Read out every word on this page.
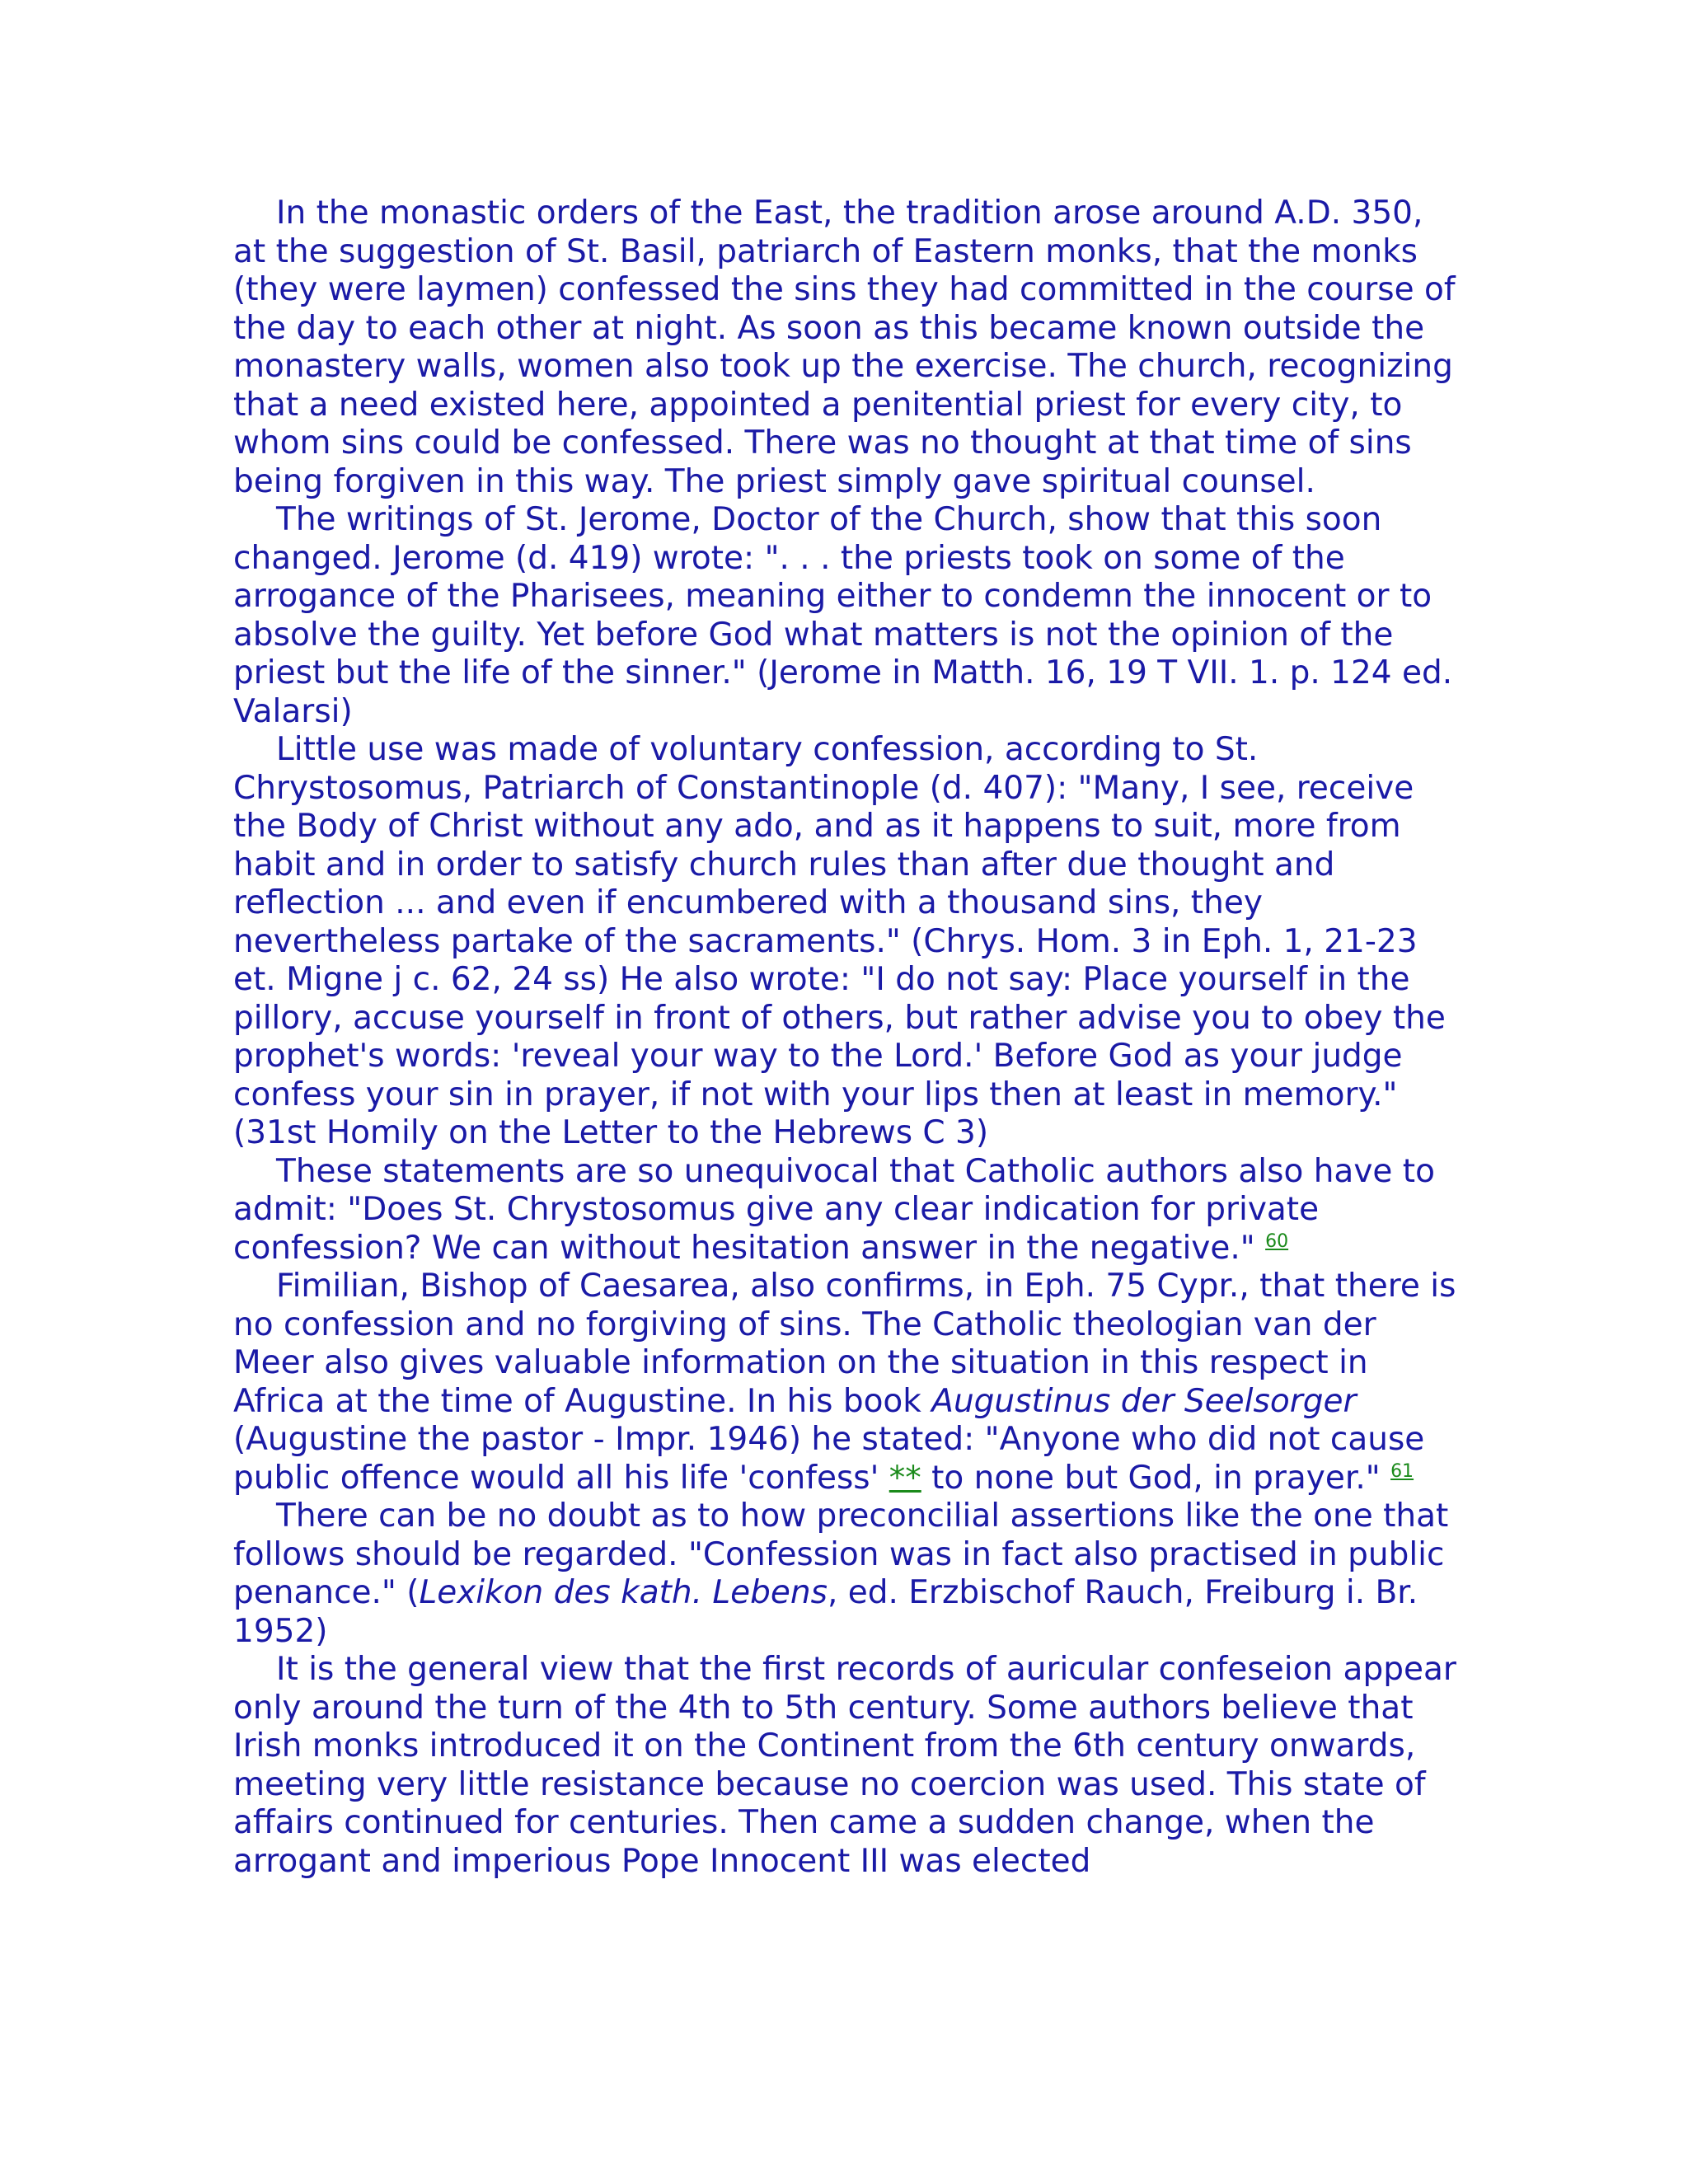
In the monastic orders of the East, the tradition arose around A.D. 350, at the suggestion of St. Basil, patriarch of Eastern monks, that the monks (they were laymen) confessed the sins they had committed in the course of the day to each other at night. As soon as this became known outside the monastery walls, women also took up the exercise. The church, recognizing that a need existed here, appointed a penitential priest for every city, to whom sins could be confessed. There was no thought at that time of sins being forgiven in this way. The priest simply gave spiritual counsel.

The writings of St. Jerome, Doctor of the Church, show that this soon changed. Jerome (d. 419) wrote: ". . . the priests took on some of the arrogance of the Pharisees, meaning either to condemn the innocent or to absolve the guilty. Yet before God what matters is not the opinion of the priest but the life of the sinner." (Jerome in Matth. 16, 19 T VII. 1. p. 124 ed. Valarsi)

Little use was made of voluntary confession, according to St. Chrystosomus, Patriarch of Constantinople (d. 407): "Many, I see, receive the Body of Christ without any ado, and as it happens to suit, more from habit and in order to satisfy church rules than after due thought and reflection ... and even if encumbered with a thousand sins, they nevertheless partake of the sacraments." (Chrys. Hom. 3 in Eph. 1, 21-23 et. Migne j c. 62, 24 ss) He also wrote: "I do not say: Place yourself in the pillory, accuse yourself in front of others, but rather advise you to obey the prophet's words: 'reveal your way to the Lord.' Before God as your judge confess your sin in prayer, if not with your lips then at least in memory." (31st Homily on the Letter to the Hebrews C 3)

These statements are so unequivocal that Catholic authors also have to admit: "Does St. Chrystosomus give any clear indication for private confession? We can without hesitation answer in the negative." $^{60}$

Fimilian, Bishop of Caesarea, also confirms, in Eph. 75 Cypr., that there is no confession and no forgiving of sins. The Catholic theologian van der Meer also gives valuable information on the situation in this respect in Africa at the time of Augustine. In his book Augustinus der Seelsorger (Augustine the pastor - Impr. 1946) he stated: "Anyone who did not cause public offence would all his life 'confess' ** to none but God, in prayer." $^{61}$

There can be no doubt as to how preconcilial assertions like the one that follows should be regarded. "Confession was in fact also practised in public penance." (Lexikon des kath. Lebens, ed. Erzbischof Rauch, Freiburg i. Br. 1952)

It is the general view that the first records of auricular confeseion appear only around the turn of the 4th to 5th century. Some authors believe that Irish monks introduced it on the Continent from the 6th century onwards, meeting very little resistance because no coercion was used. This state of affairs continued for centuries. Then came a sudden change, when the arrogant and imperious Pope Innocent III was elected
